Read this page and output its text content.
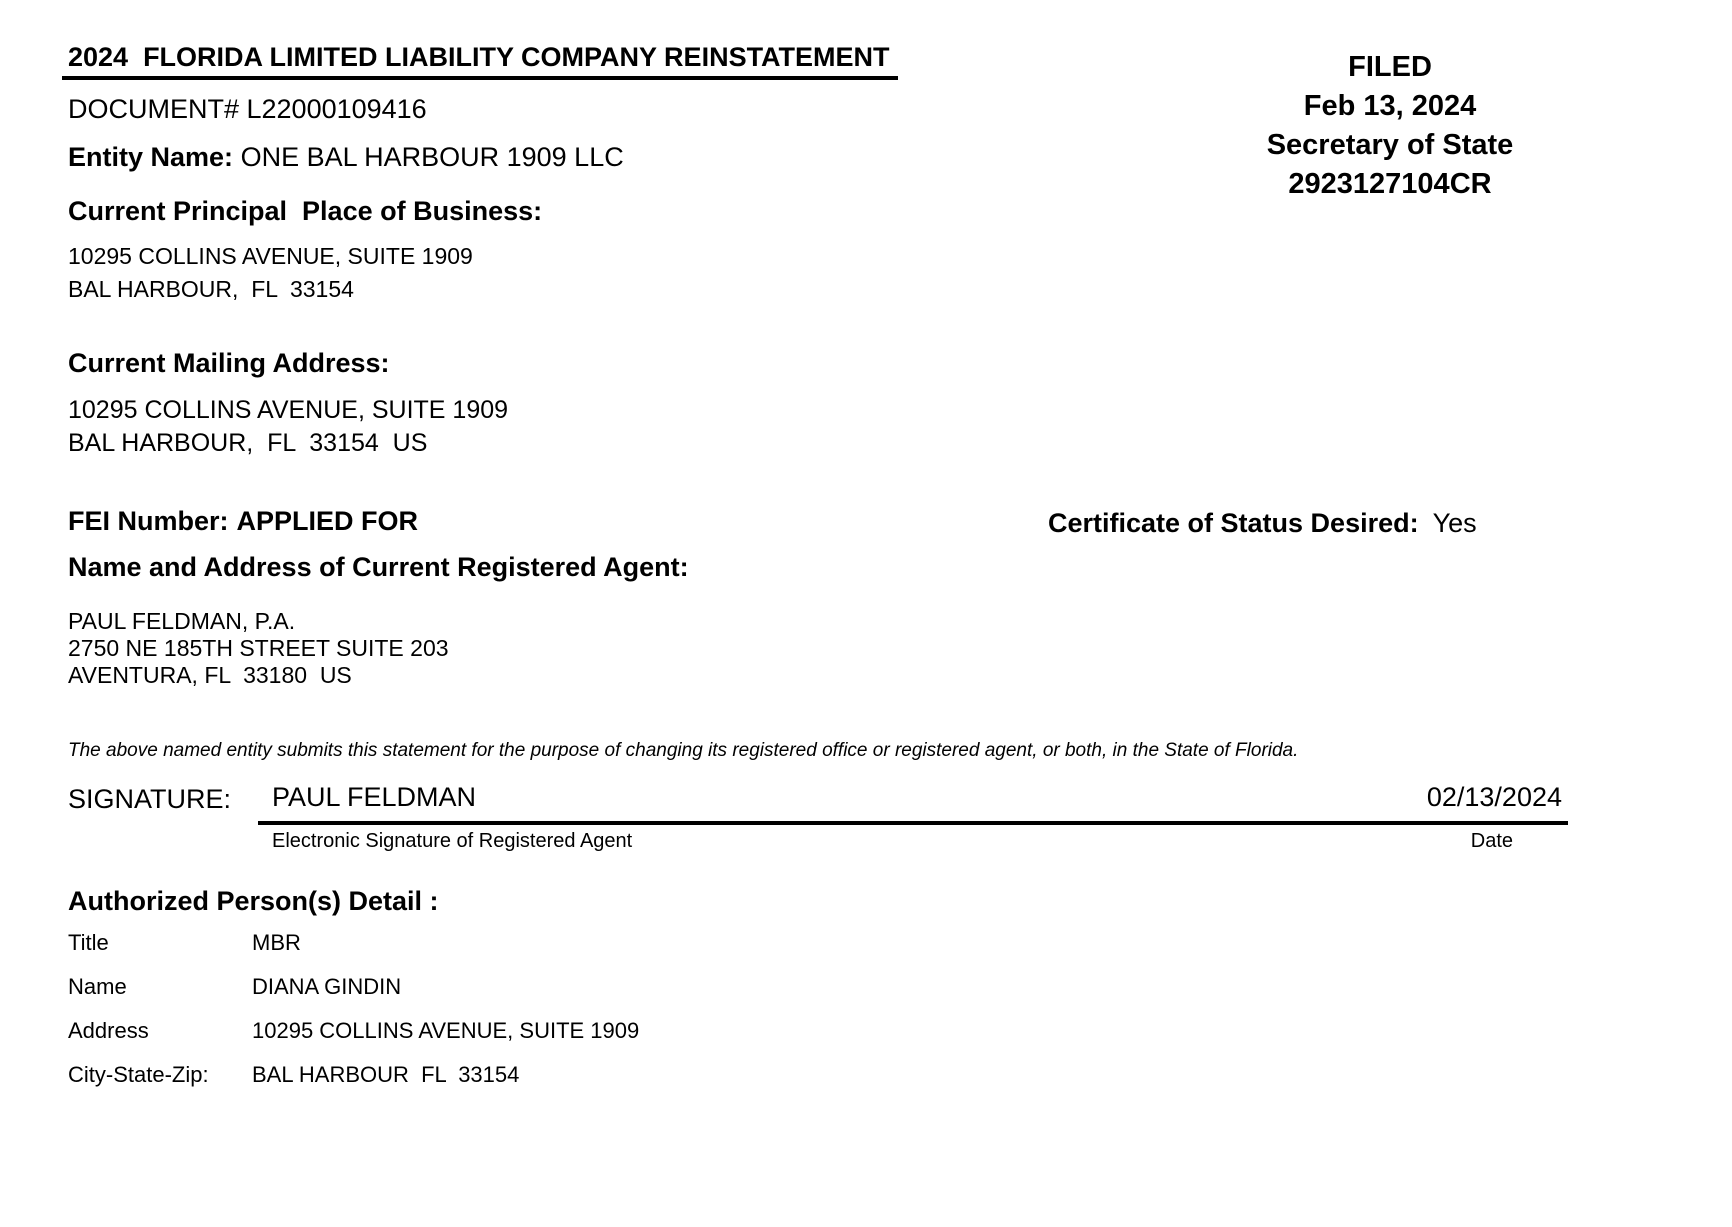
2024  FLORIDA LIMITED LIABILITY COMPANY REINSTATEMENT	FILED
Feb 13, 2024
Secretary of State
2923127104CR
DOCUMENT# L22000109416
Entity Name: ONE BAL HARBOUR 1909 LLC
Current Principal  Place of Business:
10295 COLLINS AVENUE, SUITE 1909
BAL HARBOUR,  FL  33154
Current Mailing Address:
10295 COLLINS AVENUE, SUITE 1909
BAL HARBOUR,  FL  33154  US
FEI Number: APPLIED FOR	Certificate of Status Desired: Yes
Name and Address of Current Registered Agent:
PAUL FELDMAN, P.A.
2750 NE 185TH STREET SUITE 203
AVENTURA, FL  33180  US
The above named entity submits this statement for the purpose of changing its registered office or registered agent, or both, in the State of Florida.
SIGNATURE: PAUL FELDMAN	02/13/2024
Electronic Signature of Registered Agent	Date
Authorized Person(s) Detail :
Title	MBR
Name	DIANA GINDIN
Address	10295 COLLINS AVENUE, SUITE 1909
City-State-Zip:	BAL HARBOUR  FL  33154
